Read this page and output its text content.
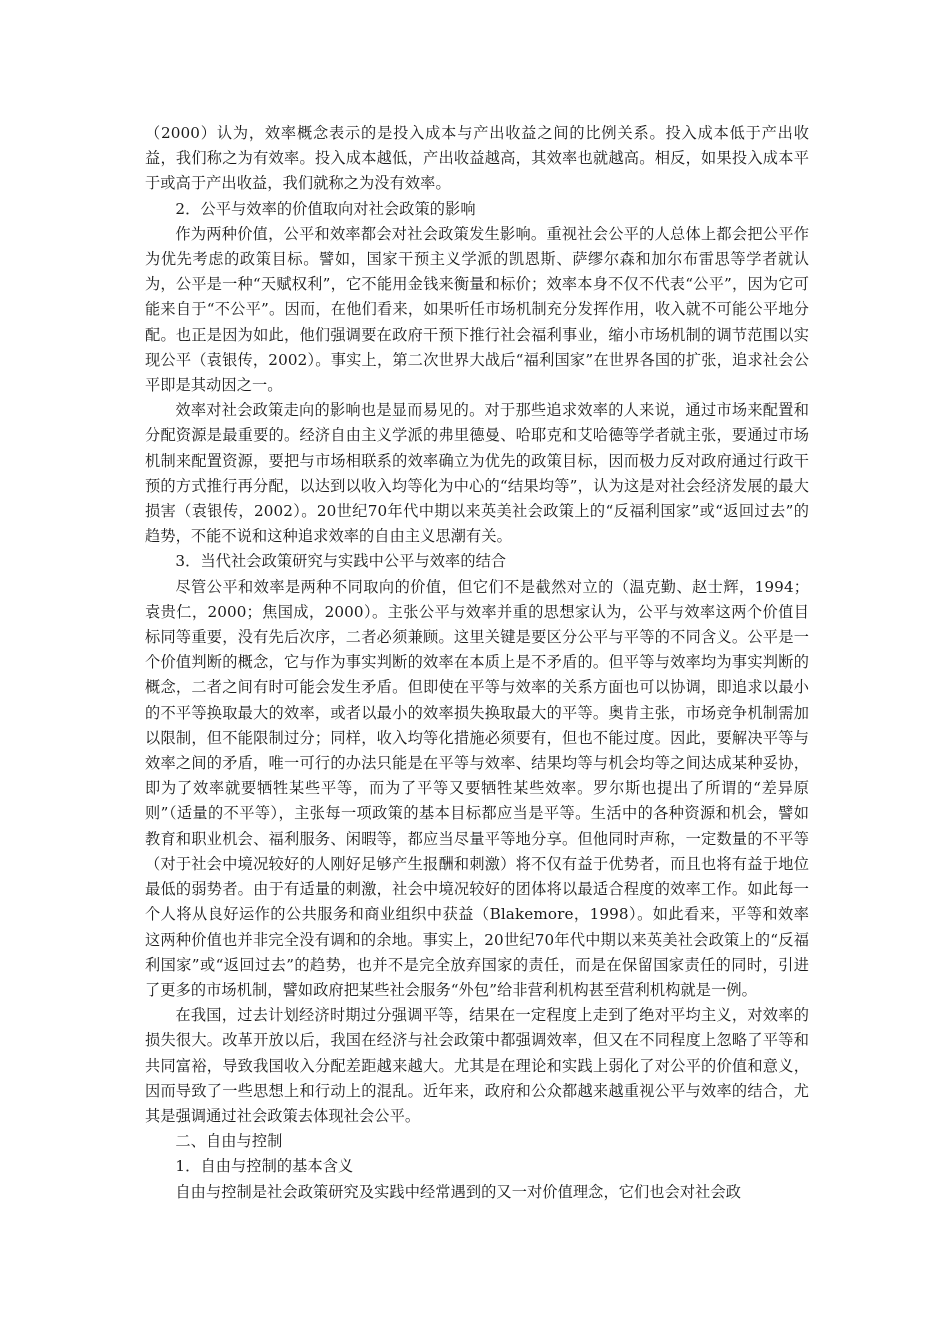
（2000）认为，效率概念表示的是投入成本与产出收益之间的比例关系。投入成本低于产出收益，我们称之为有效率。投入成本越低，产出收益越高，其效率也就越高。相反，如果投入成本平于或高于产出收益，我们就称之为没有效率。

2．公平与效率的价值取向对社会政策的影响

作为两种价值，公平和效率都会对社会政策发生影响。重视社会公平的人总体上都会把公平作为优先考虑的政策目标。譬如，国家干预主义学派的凯恩斯、萨缪尔森和加尔布雷思等学者就认为，公平是一种“天赋权利”，它不能用金钱来衡量和标价；效率本身不仅不代表“公平”，因为它可能来自于“不公平”。因而，在他们看来，如果听任市场机制充分发挥作用，收入就不可能公平地分配。也正是因为如此，他们强调要在政府干预下推行社会福利事业，缩小市场机制的调节范围以实现公平（袁银传，2002）。事实上，第二次世界大战后“福利国家”在世界各国的扩张，追求社会公平即是其动因之一。

效率对社会政策走向的影响也是显而易见的。对于那些追求效率的人来说，通过市场来配置和分配资源是最重要的。经济自由主义学派的弗里德曼、哈耶克和艾哈德等学者就主张，要通过市场机制来配置资源，要把与市场相联系的效率确立为优先的政策目标，因而极力反对政府通过行政干预的方式推行再分配，以达到以收入均等化为中心的“结果均等”，认为这是对社会经济发展的最大损害（袁银传，2002）。20世纪70年代中期以来英美社会政策上的“反福利国家”或“返回过去”的趋势，不能不说和这种追求效率的自由主义思潮有关。

3．当代社会政策研究与实践中公平与效率的结合

尽管公平和效率是两种不同取向的价值，但它们不是截然对立的（温克勤、赵士辉，1994；袁贵仁，2000；焦国成，2000）。主张公平与效率并重的思想家认为，公平与效率这两个价值目标同等重要，没有先后次序，二者必须兼顾。这里关键是要区分公平与平等的不同含义。公平是一个价值判断的概念，它与作为事实判断的效率在本质上是不矛盾的。但平等与效率均为事实判断的概念，二者之间有时可能会发生矛盾。但即使在平等与效率的关系方面也可以协调，即追求以最小的不平等换取最大的效率，或者以最小的效率损失换取最大的平等。奥肯主张，市场竞争机制需加以限制，但不能限制过分；同样，收入均等化措施必须要有，但也不能过度。因此，要解决平等与效率之间的矛盾，唯一可行的办法只能是在平等与效率、结果均等与机会均等之间达成某种妥协，即为了效率就要牺牲某些平等，而为了平等又要牺牲某些效率。罗尔斯也提出了所谓的“差异原则”（适量的不平等），主张每一项政策的基本目标都应当是平等。生活中的各种资源和机会，譬如教育和职业机会、福利服务、闲暇等，都应当尽量平等地分享。但他同时声称，一定数量的不平等（对于社会中境况较好的人刚好足够产生报酬和刺激）将不仅有益于优势者，而且也将有益于地位最低的弱势者。由于有适量的刺激，社会中境况较好的团体将以最适合程度的效率工作。如此每一个人将从良好运作的公共服务和商业组织中获益（Blakemore，1998）。如此看来，平等和效率这两种价值也并非完全没有调和的余地。事实上，20世纪70年代中期以来英美社会政策上的“反福利国家”或“返回过去”的趋势，也并不是完全放弃国家的责任，而是在保留国家责任的同时，引进了更多的市场机制，譬如政府把某些社会服务“外包”给非营利机构甚至营利机构就是一例。

在我国，过去计划经济时期过分强调平等，结果在一定程度上走到了绝对平均主义，对效率的损失很大。改革开放以后，我国在经济与社会政策中都强调效率，但又在不同程度上忽略了平等和共同富裕，导致我国收入分配差距越来越大。尤其是在理论和实践上弱化了对公平的价值和意义，因而导致了一些思想上和行动上的混乱。近年来，政府和公众都越来越重视公平与效率的结合，尤其是强调通过社会政策去体现社会公平。

二、自由与控制

1．自由与控制的基本含义

自由与控制是社会政策研究及实践中经常遇到的又一对价值理念，它们也会对社会政
